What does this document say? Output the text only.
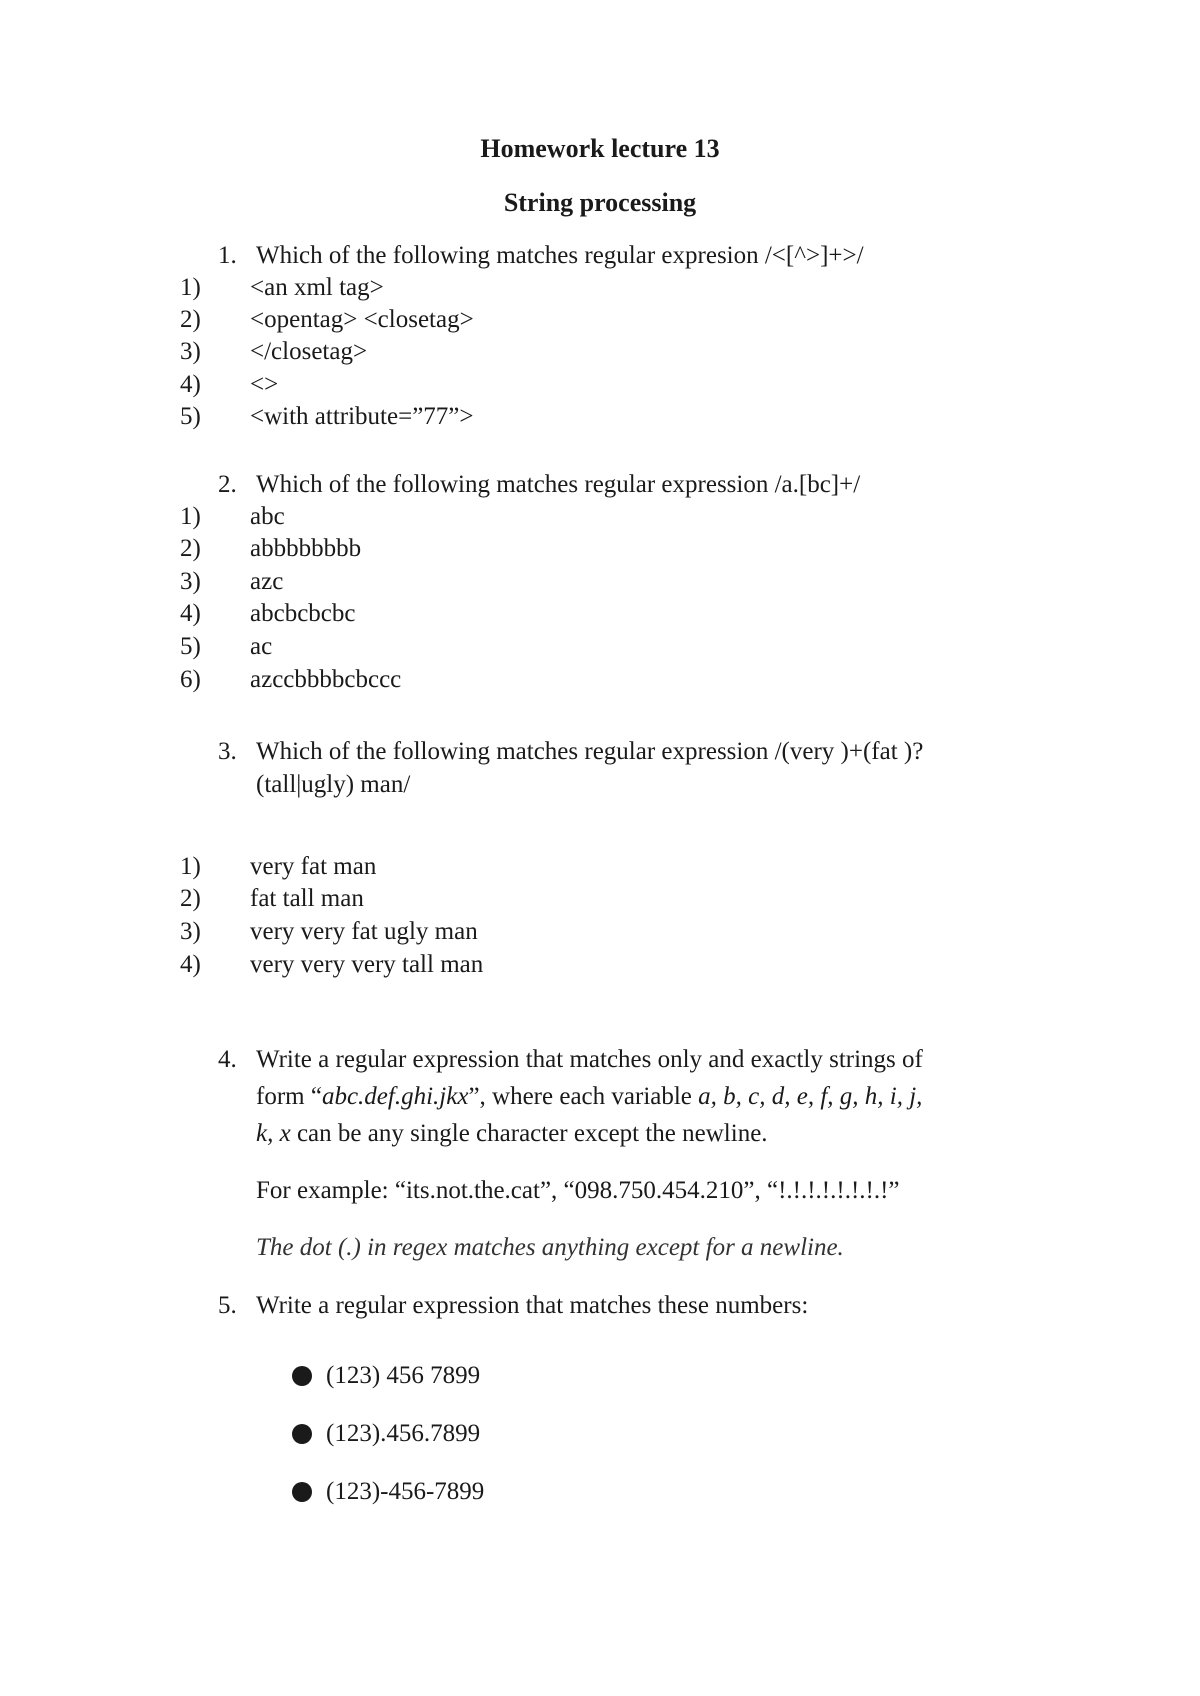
Homework lecture 13
String processing
1. Which of the following matches regular expresion /<[^>]+>/
1) <an xml tag>
2) <opentag> <closetag>
3) </closetag>
4) <>
5) <with attribute=”77”>
2. Which of the following matches regular expression /a.[bc]+/
1) abc
2) abbbbbbbb
3) azc
4) abcbcbcbc
5) ac
6) azccbbbbcbccc
3. Which of the following matches regular expression /(very )+(fat )?
(tall|ugly) man/
1) very fat man
2) fat tall man
3) very very fat ugly man
4) very very very tall man
4. Write a regular expression that matches only and exactly strings of
form “abc.def.ghi.jkx”, where each variable a, b, c, d, e, f, g, h, i, j,
k, x can be any single character except the newline.
For example: “its.not.the.cat”, “098.750.454.210”, “!.!.!.!.!.!.!.!”
The dot (.) in regex matches anything except for a newline.
5. Write a regular expression that matches these numbers:
(123) 456 7899
(123).456.7899
(123)-456-7899
